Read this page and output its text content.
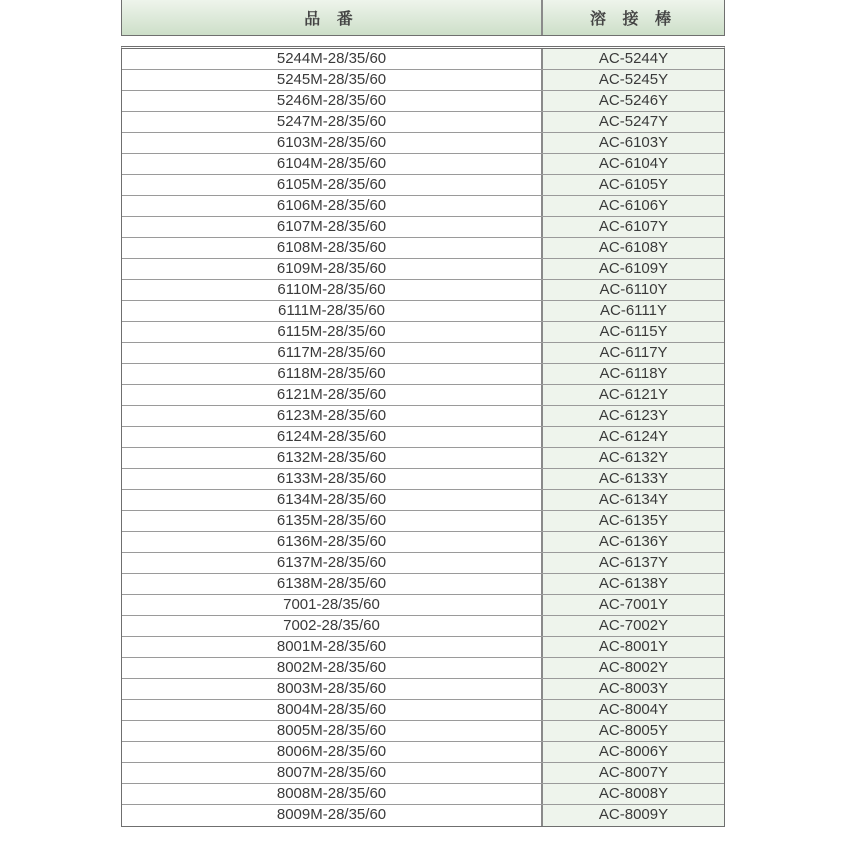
品 番	溶 接 棒
5244M-28/35/60	AC-5244Y
5245M-28/35/60	AC-5245Y
5246M-28/35/60	AC-5246Y
5247M-28/35/60	AC-5247Y
6103M-28/35/60	AC-6103Y
6104M-28/35/60	AC-6104Y
6105M-28/35/60	AC-6105Y
6106M-28/35/60	AC-6106Y
6107M-28/35/60	AC-6107Y
6108M-28/35/60	AC-6108Y
6109M-28/35/60	AC-6109Y
6110M-28/35/60	AC-6110Y
6111M-28/35/60	AC-6111Y
6115M-28/35/60	AC-6115Y
6117M-28/35/60	AC-6117Y
6118M-28/35/60	AC-6118Y
6121M-28/35/60	AC-6121Y
6123M-28/35/60	AC-6123Y
6124M-28/35/60	AC-6124Y
6132M-28/35/60	AC-6132Y
6133M-28/35/60	AC-6133Y
6134M-28/35/60	AC-6134Y
6135M-28/35/60	AC-6135Y
6136M-28/35/60	AC-6136Y
6137M-28/35/60	AC-6137Y
6138M-28/35/60	AC-6138Y
7001-28/35/60	AC-7001Y
7002-28/35/60	AC-7002Y
8001M-28/35/60	AC-8001Y
8002M-28/35/60	AC-8002Y
8003M-28/35/60	AC-8003Y
8004M-28/35/60	AC-8004Y
8005M-28/35/60	AC-8005Y
8006M-28/35/60	AC-8006Y
8007M-28/35/60	AC-8007Y
8008M-28/35/60	AC-8008Y
8009M-28/35/60	AC-8009Y
